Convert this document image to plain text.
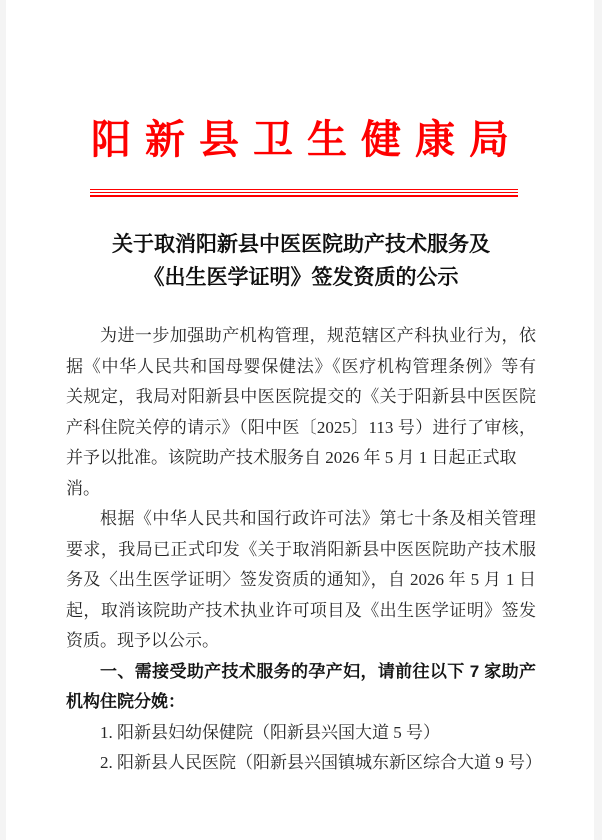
阳 新 县 卫 生 健 康 局
关于取消阳新县中医医院助产技术服务及
《出生医学证明》签发资质的公示
为进一步加强助产机构管理，规范辖区产科执业行为，依
据《中华人民共和国母婴保健法》《医疗机构管理条例》等有
关规定，我局对阳新县中医医院提交的《关于阳新县中医医院
产科住院关停的请示》（阳中医〔2025〕113 号）进行了审核，
并予以批准。该院助产技术服务自 2026 年 5 月 1 日起正式取消。
根据《中华人民共和国行政许可法》第七十条及相关管理
要求，我局已正式印发《关于取消阳新县中医医院助产技术服
务及〈出生医学证明〉签发资质的通知》，自 2026 年 5 月 1 日
起，取消该院助产技术执业许可项目及《出生医学证明》签发
资质。现予以公示。
一、需接受助产技术服务的孕产妇，请前往以下 7 家助产
机构住院分娩：
1. 阳新县妇幼保健院（阳新县兴国大道 5 号）
2. 阳新县人民医院（阳新县兴国镇城东新区综合大道 9 号）
